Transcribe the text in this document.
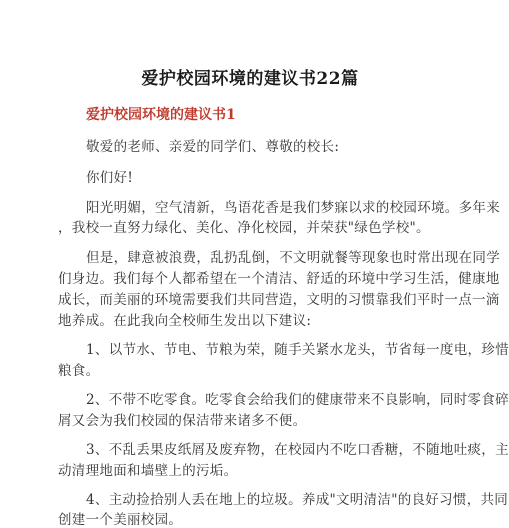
爱护校园环境的建议书22篇
爱护校园环境的建议书1
敬爱的老师、亲爱的同学们、尊敬的校长:
你们好!
阳光明媚，空气清新，鸟语花香是我们梦寐以求的校园环境。多年来
，我校一直努力绿化、美化、净化校园，并荣获"绿色学校"。
但是，肆意被浪费，乱扔乱倒，不文明就餐等现象也时常出现在同学
们身边。我们每个人都希望在一个清洁、舒适的环境中学习生活，健康地
成长，而美丽的环境需要我们共同营造，文明的习惯靠我们平时一点一滴
地养成。在此我向全校师生发出以下建议:
1、以节水、节电、节粮为荣，随手关紧水龙头，节省每一度电，珍惜
粮食。
2、不带不吃零食。吃零食会给我们的健康带来不良影响，同时零食碎
屑又会为我们校园的保洁带来诸多不便。
3、不乱丢果皮纸屑及废弃物，在校园内不吃口香糖，不随地吐痰，主
动清理地面和墙壁上的污垢。
4、主动捡拾别人丢在地上的垃圾。养成"文明清洁"的良好习惯，共同
创建一个美丽校园。
